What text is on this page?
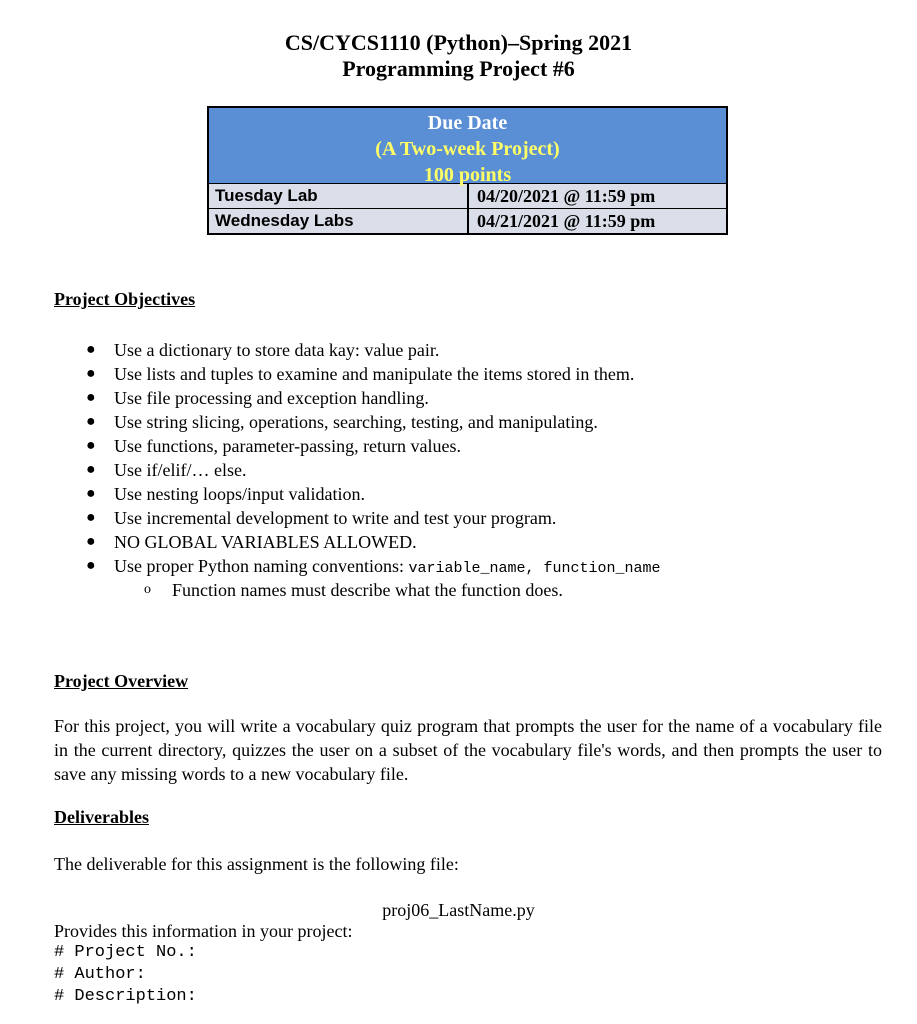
CS/CYCS1110 (Python)–Spring 2021
Programming Project #6
Due Date
(A Two-week Project)
100 points
Tuesday Lab	04/20/2021 @ 11:59 pm
Wednesday Labs	04/21/2021 @ 11:59 pm
Project Objectives
● Use a dictionary to store data kay: value pair.
● Use lists and tuples to examine and manipulate the items stored in them.
● Use file processing and exception handling.
● Use string slicing, operations, searching, testing, and manipulating.
● Use functions, parameter-passing, return values.
● Use if/elif/… else.
● Use nesting loops/input validation.
● Use incremental development to write and test your program.
● NO GLOBAL VARIABLES ALLOWED.
● Use proper Python naming conventions: variable_name, function_name
o Function names must describe what the function does.
Project Overview
For this project, you will write a vocabulary quiz program that prompts the user for the name of a vocabulary file in the current directory, quizzes the user on a subset of the vocabulary file's words, and then prompts the user to save any missing words to a new vocabulary file.
Deliverables
The deliverable for this assignment is the following file:
proj06_LastName.py
Provides this information in your project:
# Project No.:
# Author:
# Description:
